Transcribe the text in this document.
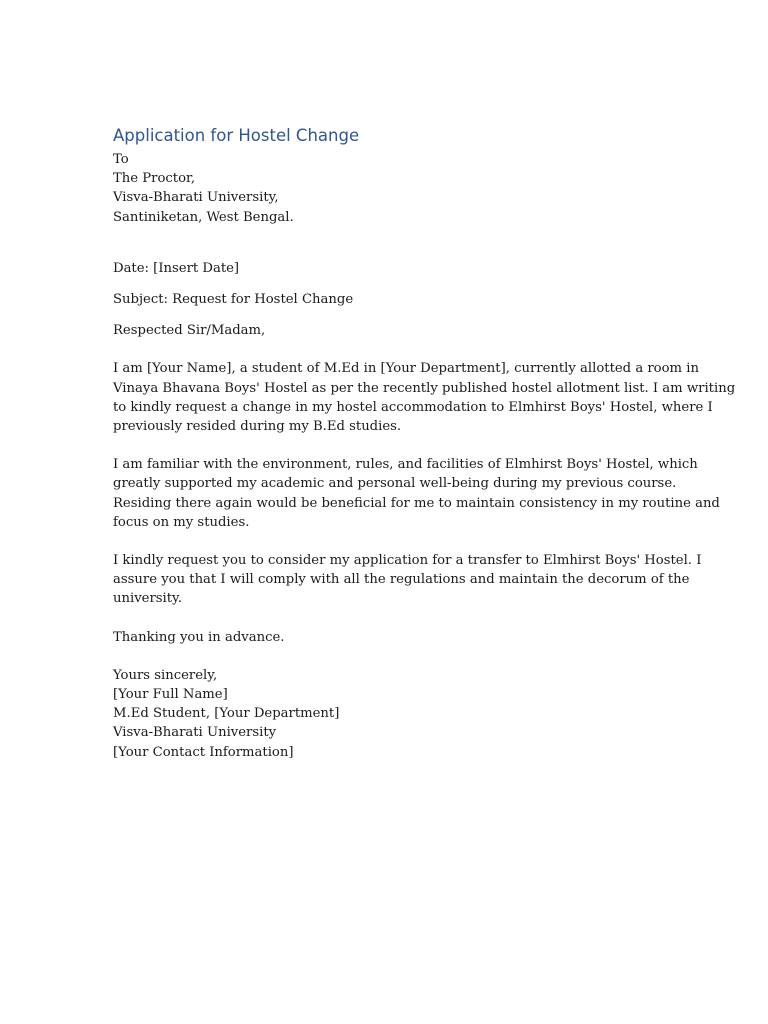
Application for Hostel Change
To
The Proctor,
Visva-Bharati University,
Santiniketan, West Bengal.
Date: [Insert Date]
Subject: Request for Hostel Change
Respected Sir/Madam,
I am [Your Name], a student of M.Ed in [Your Department], currently allotted a room in
Vinaya Bhavana Boys' Hostel as per the recently published hostel allotment list. I am writing
to kindly request a change in my hostel accommodation to Elmhirst Boys' Hostel, where I
previously resided during my B.Ed studies.
I am familiar with the environment, rules, and facilities of Elmhirst Boys' Hostel, which
greatly supported my academic and personal well-being during my previous course.
Residing there again would be beneficial for me to maintain consistency in my routine and
focus on my studies.
I kindly request you to consider my application for a transfer to Elmhirst Boys' Hostel. I
assure you that I will comply with all the regulations and maintain the decorum of the
university.
Thanking you in advance.
Yours sincerely,
[Your Full Name]
M.Ed Student, [Your Department]
Visva-Bharati University
[Your Contact Information]
